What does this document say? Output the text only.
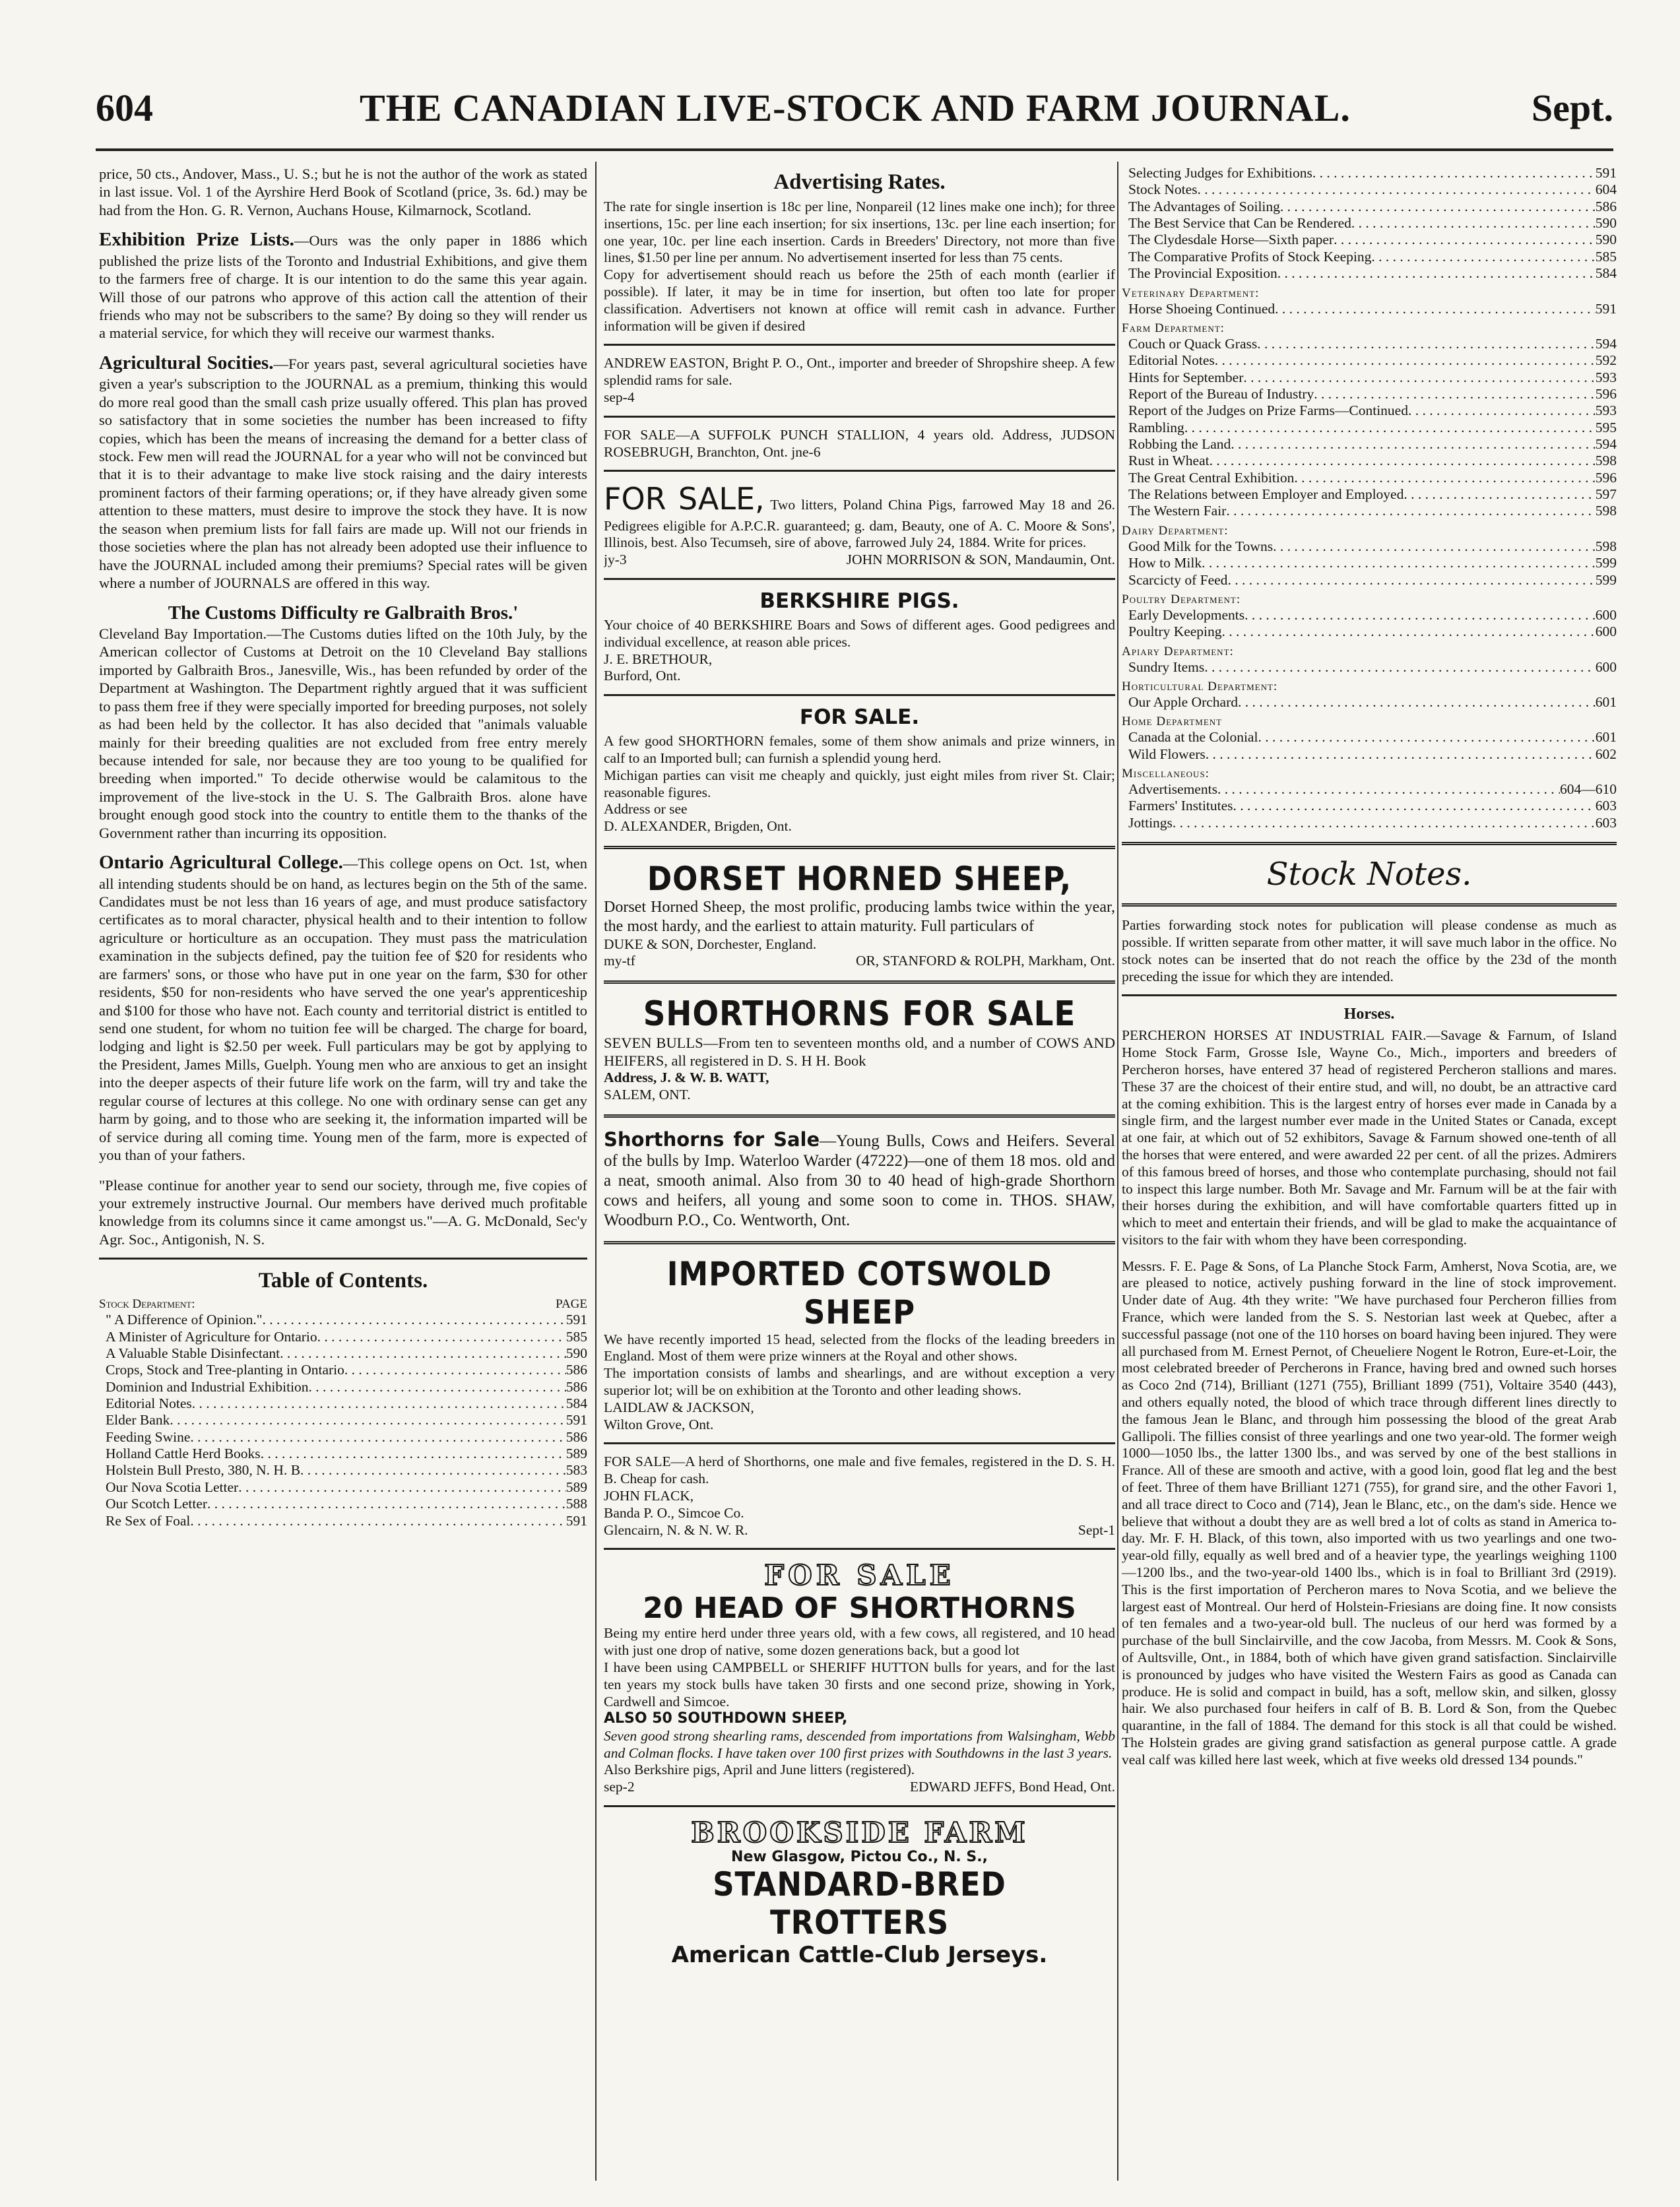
604	THE CANADIAN LIVE-STOCK AND FARM JOURNAL.	Sept.

price, 50 cts., Andover, Mass., U. S.; but he is not the author of the work as stated in last issue. Vol. 1 of the Ayrshire Herd Book of Scotland (price, 3s. 6d.) may be had from the Hon. G. R. Vernon, Auchans House, Kilmarnock, Scotland.

Exhibition Prize Lists.—Ours was the only paper in 1886 which published the prize lists of the Toronto and Industrial Exhibitions, and give them to the farmers free of charge. It is our intention to do the same this year again. Will those of our patrons who approve of this action call the attention of their friends who may not be subscribers to the same? By doing so they will render us a material service, for which they will receive our warmest thanks.

Agricultural Socities.—For years past, several agricultural societies have given a year's subscription to the JOURNAL as a premium, thinking this would do more real good than the small cash prize usually offered. This plan has proved so satisfactory that in some societies the number has been increased to fifty copies, which has been the means of increasing the demand for a better class of stock. Few men will read the JOURNAL for a year who will not be convinced but that it is to their advantage to make live stock raising and the dairy interests prominent factors of their farming operations; or, if they have already given some attention to these matters, must desire to improve the stock they have. It is now the season when premium lists for fall fairs are made up. Will not our friends in those societies where the plan has not already been adopted use their influence to have the JOURNAL included among their premiums? Special rates will be given where a number of JOURNALS are offered in this way.

The Customs Difficulty re Galbraith Bros.'
Cleveland Bay Importation.—The Customs duties lifted on the 10th July, by the American collector of Customs at Detroit on the 10 Cleveland Bay stallions imported by Galbraith Bros., Janesville, Wis., has been refunded by order of the Department at Washington. The Department rightly argued that it was sufficient to pass them free if they were specially imported for breeding purposes, not solely as had been held by the collector. It has also decided that "animals valuable mainly for their breeding qualities are not excluded from free entry merely because intended for sale, nor because they are too young to be qualified for breeding when imported." To decide otherwise would be calamitous to the improvement of the live-stock in the U. S. The Galbraith Bros. alone have brought enough good stock into the country to entitle them to the thanks of the Government rather than incurring its opposition.

Ontario Agricultural College.—This college opens on Oct. 1st, when all intending students should be on hand, as lectures begin on the 5th of the same. Candidates must be not less than 16 years of age, and must produce satisfactory certificates as to moral character, physical health and to their intention to follow agriculture or horticulture as an occupation. They must pass the matriculation examination in the subjects defined, pay the tuition fee of $20 for residents who are farmers' sons, or those who have put in one year on the farm, $30 for other residents, $50 for non-residents who have served the one year's apprenticeship and $100 for those who have not. Each county and territorial district is entitled to send one student, for whom no tuition fee will be charged. The charge for board, lodging and light is $2.50 per week. Full particulars may be got by applying to the President, James Mills, Guelph. Young men who are anxious to get an insight into the deeper aspects of their future life work on the farm, will try and take the regular course of lectures at this college. No one with ordinary sense can get any harm by going, and to those who are seeking it, the information imparted will be of service during all coming time. Young men of the farm, more is expected of you than of your fathers.

"Please continue for another year to send our society, through me, five copies of your extremely instructive Journal. Our members have derived much profitable knowledge from its columns since it came amongst us."—A. G. McDonald, Sec'y Agr. Soc., Antigonish, N. S.

Table of Contents.
Stock Department:	PAGE
" A Difference of Opinion." . . .	591
A Minister of Agriculture for Ontario . . .	585
A Valuable Stable Disinfectant . . .	590
Crops, Stock and Tree-planting in Ontario . . .	586
Dominion and Industrial Exhibition . . .	586
Editorial Notes . . .	584
Elder Bank . . .	591
Feeding Swine . . .	586
Holland Cattle Herd Books . . .	589
Holstein Bull Presto, 380, N. H. B . . .	583
Our Nova Scotia Letter . . .	589
Our Scotch Letter . . .	588
Re Sex of Foal . . .	591
Advertising Rates.
The rate for single insertion is 18c per line, Nonpareil (12 lines make one inch); for three insertions, 15c. per line each insertion; for six insertions, 13c. per line each insertion; for one year, 10c. per line each insertion. Cards in Breeders' Directory, not more than five lines, $1.50 per line per annum. No advertisement inserted for less than 75 cents.
Copy for advertisement should reach us before the 25th of each month (earlier if possible). If later, it may be in time for insertion, but often too late for proper classification. Advertisers not known at office will remit cash in advance. Further information will be given if desired
ANDREW EASTON, Bright P. O., Ont., importer and breeder of Shropshire sheep. A few splendid rams for sale.
sep-4
FOR SALE—A SUFFOLK PUNCH STALLION, 4 years old. Address, JUDSON ROSEBRUGH, Branchton, Ont. jne-6
FOR SALE, Two litters, Poland China Pigs, farrowed May 18 and 26. Pedigrees eligible for A.P.C.R. guaranteed; g. dam, Beauty, one of A. C. Moore & Sons', Illinois, best. Also Tecumseh, sire of above, farrowed July 24, 1884. Write for prices.
jy-3	JOHN MORRISON & SON, Mandaumin, Ont.
BERKSHIRE PIGS.
Your choice of 40 BERKSHIRE Boars and Sows of different ages. Good pedigrees and individual excellence, at reason able prices.
J. E. BRETHOUR,
Burford, Ont.
FOR SALE.
A few good SHORTHORN females, some of them show animals and prize winners, in calf to an Imported bull; can furnish a splendid young herd.
Michigan parties can visit me cheaply and quickly, just eight miles from river St. Clair; reasonable figures.
Address or see
D. ALEXANDER, Brigden, Ont.
DORSET HORNED SHEEP,
Dorset Horned Sheep, the most prolific, producing lambs twice within the year, the most hardy, and the earliest to attain maturity. Full particulars of
DUKE & SON, Dorchester, England.
my-tf	OR, STANFORD & ROLPH, Markham, Ont.
SHORTHORNS FOR SALE
SEVEN BULLS—From ten to seventeen months old, and a number of COWS AND HEIFERS, all registered in D. S. H H. Book
Address, J. & W. B. WATT,
SALEM, ONT.
Shorthorns for Sale—Young Bulls, Cows and Heifers. Several of the bulls by Imp. Waterloo Warder (47222)—one of them 18 mos. old and a neat, smooth animal. Also from 30 to 40 head of high-grade Shorthorn cows and heifers, all young and some soon to come in. THOS. SHAW, Woodburn P.O., Co. Wentworth, Ont.
IMPORTED COTSWOLD SHEEP
We have recently imported 15 head, selected from the flocks of the leading breeders in England. Most of them were prize winners at the Royal and other shows.
The importation consists of lambs and shearlings, and are without exception a very superior lot; will be on exhibition at the Toronto and other leading shows.
LAIDLAW & JACKSON,
Wilton Grove, Ont.
FOR SALE—A herd of Shorthorns, one male and five females, registered in the D. S. H. B. Cheap for cash.
JOHN FLACK,
Banda P. O., Simcoe Co.
Glencairn, N. & N. W. R.	Sept-1
FOR SALE
20 HEAD OF SHORTHORNS
Being my entire herd under three years old, with a few cows, all registered, and 10 head with just one drop of native, some dozen generations back, but a good lot
I have been using CAMPBELL or SHERIFF HUTTON bulls for years, and for the last ten years my stock bulls have taken 30 firsts and one second prize, showing in York, Cardwell and Simcoe.
ALSO 50 SOUTHDOWN SHEEP,
Seven good strong shearling rams, descended from importations from Walsingham, Webb and Colman flocks. I have taken over 100 first prizes with Southdowns in the last 3 years.
Also Berkshire pigs, April and June litters (registered).
sep-2	EDWARD JEFFS, Bond Head, Ont.
BROOKSIDE FARM
New Glasgow, Pictou Co., N. S.,
STANDARD-BRED TROTTERS
American Cattle-Club Jerseys.
Selecting Judges for Exhibitions . . .	591
Stock Notes . . .	604
The Advantages of Soiling . . .	586
The Best Service that Can be Rendered . . .	590
The Clydesdale Horse—Sixth paper . . .	590
The Comparative Profits of Stock Keeping . . .	585
The Provincial Exposition . . .	584
Veterinary Department:
Horse Shoeing Continued . . .	591
Farm Department:
Couch or Quack Grass . . .	594
Editorial Notes . . .	592
Hints for September . . .	593
Report of the Bureau of Industry . . .	596
Report of the Judges on Prize Farms—Continued . . .	593
Rambling . . .	595
Robbing the Land . . .	594
Rust in Wheat . . .	598
The Great Central Exhibition . . .	596
The Relations between Employer and Employed . . .	597
The Western Fair . . .	598
Dairy Department:
Good Milk for the Towns . . .	598
How to Milk . . .	599
Scarcicty of Feed . . .	599
Poultry Department:
Early Developments . . .	600
Poultry Keeping . . .	600
Apiary Department:
Sundry Items . . .	600
Horticultural Department:
Our Apple Orchard . . .	601
Home Department
Canada at the Colonial . . .	601
Wild Flowers . . .	602
Miscellaneous:
Advertisements . . .	604—610
Farmers' Institutes . . .	603
Jottings . . .	603
Stock Notes.
Parties forwarding stock notes for publication will please condense as much as possible. If written separate from other matter, it will save much labor in the office. No stock notes can be inserted that do not reach the office by the 23d of the month preceding the issue for which they are intended.
Horses.
PERCHERON HORSES AT INDUSTRIAL FAIR.—Savage & Farnum, of Island Home Stock Farm, Grosse Isle, Wayne Co., Mich., importers and breeders of Percheron horses, have entered 37 head of registered Percheron stallions and mares. These 37 are the choicest of their entire stud, and will, no doubt, be an attractive card at the coming exhibition. This is the largest entry of horses ever made in Canada by a single firm, and the largest number ever made in the United States or Canada, except at one fair, at which out of 52 exhibitors, Savage & Farnum showed one-tenth of all the horses that were entered, and were awarded 22 per cent. of all the prizes. Admirers of this famous breed of horses, and those who contemplate purchasing, should not fail to inspect this large number. Both Mr. Savage and Mr. Farnum will be at the fair with their horses during the exhibition, and will have comfortable quarters fitted up in which to meet and entertain their friends, and will be glad to make the acquaintance of visitors to the fair with whom they have been corresponding.
Messrs. F. E. Page & Sons, of La Planche Stock Farm, Amherst, Nova Scotia, are, we are pleased to notice, actively pushing forward in the line of stock improvement. Under date of Aug. 4th they write: "We have purchased four Percheron fillies from France, which were landed from the S. S. Nestorian last week at Quebec, after a successful passage (not one of the 110 horses on board having been injured. They were all purchased from M. Ernest Pernot, of Cheueliere Nogent le Rotron, Eure-et-Loir, the most celebrated breeder of Percherons in France, having bred and owned such horses as Coco 2nd (714), Brilliant (1271 (755), Brilliant 1899 (751), Voltaire 3540 (443), and others equally noted, the blood of which trace through different lines directly to the famous Jean le Blanc, and through him possessing the blood of the great Arab Gallipoli. The fillies consist of three yearlings and one two year-old. The former weigh 1000—1050 lbs., the latter 1300 lbs., and was served by one of the best stallions in France. All of these are smooth and active, with a good loin, good flat leg and the best of feet. Three of them have Brilliant 1271 (755), for grand sire, and the other Favori 1, and all trace direct to Coco and (714), Jean le Blanc, etc., on the dam's side. Hence we believe that without a doubt they are as well bred a lot of colts as stand in America to-day. Mr. F. H. Black, of this town, also imported with us two yearlings and one two-year-old filly, equally as well bred and of a heavier type, the yearlings weighing 1100—1200 lbs., and the two-year-old 1400 lbs., which is in foal to Brilliant 3rd (2919). This is the first importation of Percheron mares to Nova Scotia, and we believe the largest east of Montreal. Our herd of Holstein-Friesians are doing fine. It now consists of ten females and a two-year-old bull. The nucleus of our herd was formed by a purchase of the bull Sinclairville, and the cow Jacoba, from Messrs. M. Cook & Sons, of Aultsville, Ont., in 1884, both of which have given grand satisfaction. Sinclairville is pronounced by judges who have visited the Western Fairs as good as Canada can produce. He is solid and compact in build, has a soft, mellow skin, and silken, glossy hair. We also purchased four heifers in calf of B. B. Lord & Son, from the Quebec quarantine, in the fall of 1884. The demand for this stock is all that could be wished. The Holstein grades are giving grand satisfaction as general purpose cattle. A grade veal calf was killed here last week, which at five weeks old dressed 134 pounds."
